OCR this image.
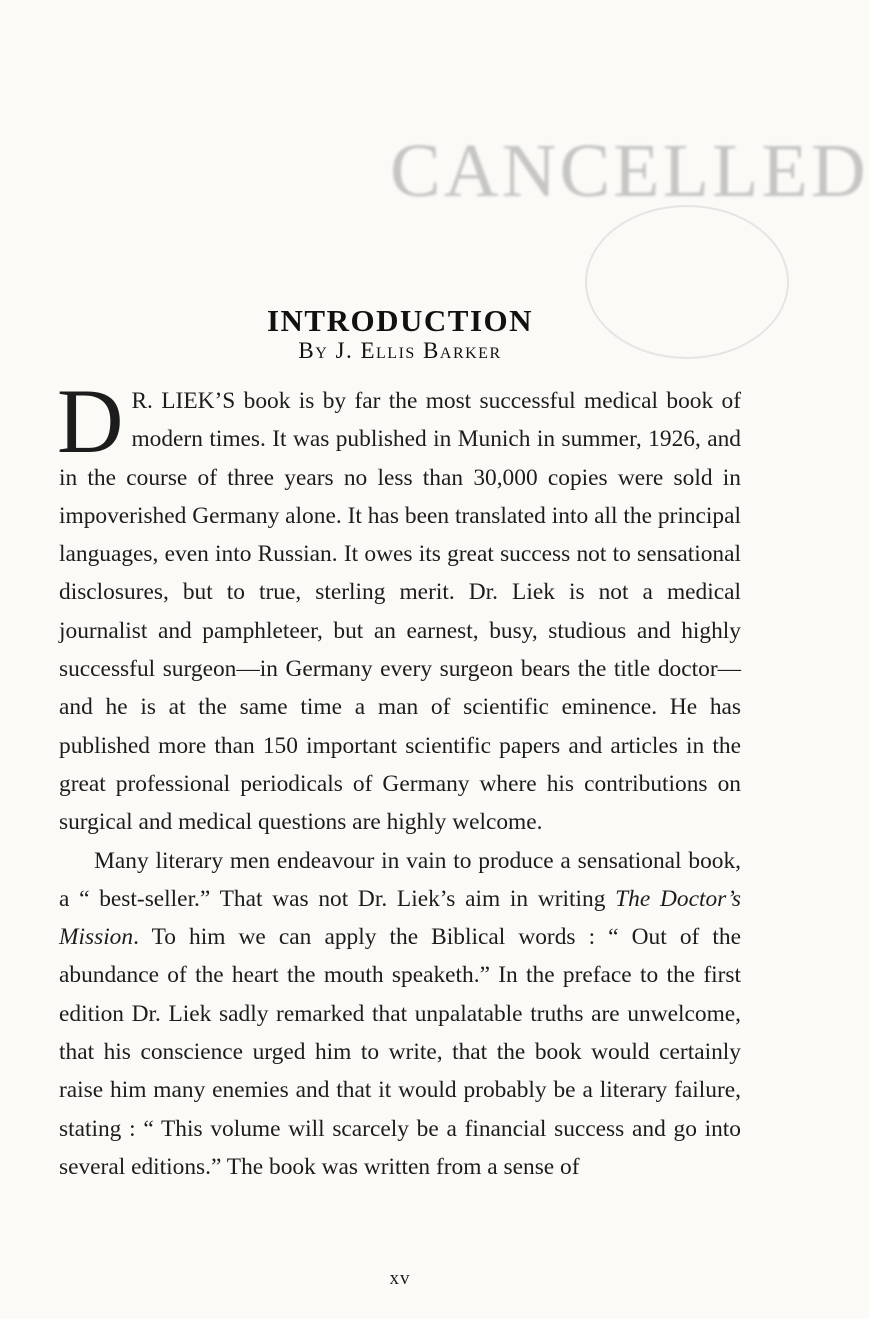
CANCELLED
INTRODUCTION
By J. Ellis Barker

D R. LIEK’S book is by far the most successful medical book of modern times. It was published in Munich in summer, 1926, and in the course of three years no less than 30,000 copies were sold in impoverished Germany alone. It has been translated into all the principal languages, even into Russian. It owes its great success not to sensational disclosures, but to true, sterling merit. Dr. Liek is not a medical journalist and pamphleteer, but an earnest, busy, studious and highly successful surgeon—in Germany every surgeon bears the title doctor—and he is at the same time a man of scientific eminence. He has published more than 150 important scientific papers and articles in the great professional periodicals of Germany where his contributions on surgical and medical questions are highly welcome.

Many literary men endeavour in vain to produce a sensational book, a “ best-seller.” That was not Dr. Liek’s aim in writing The Doctor’s Mission. To him we can apply the Biblical words : “ Out of the abundance of the heart the mouth speaketh.” In the preface to the first edition Dr. Liek sadly remarked that unpalatable truths are unwelcome, that his conscience urged him to write, that the book would certainly raise him many enemies and that it would probably be a literary failure, stating : “ This volume will scarcely be a financial success and go into several editions.” The book was written from a sense of

xv
